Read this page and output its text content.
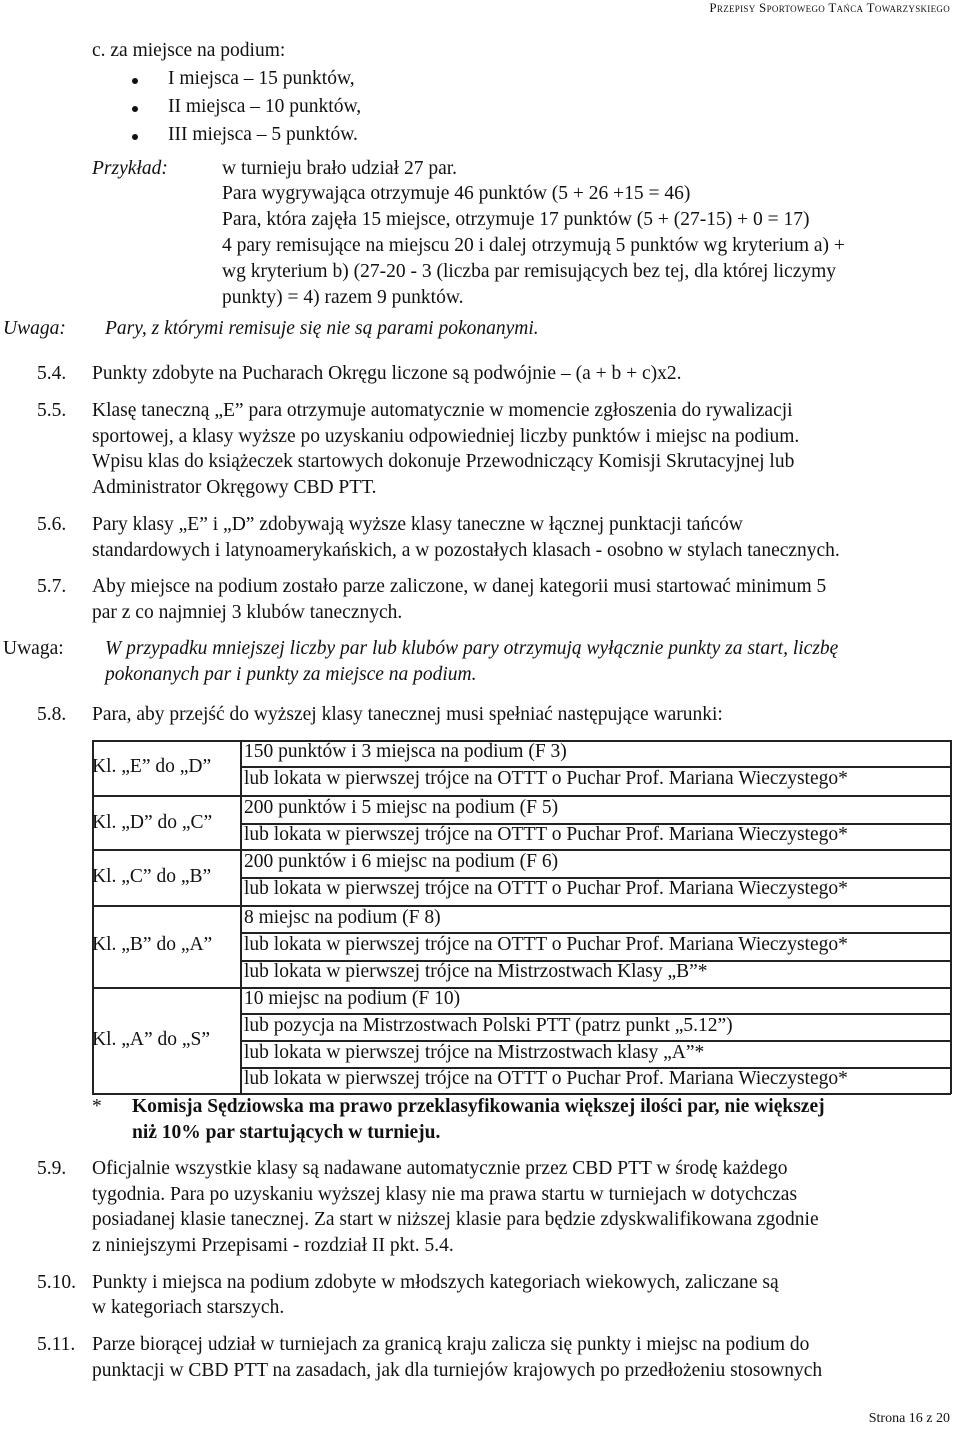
Przepisy Sportowego Tańca Towarzyskiego
c. za miejsce na podium:
I miejsca – 15 punktów,
II miejsca – 10 punktów,
III miejsca – 5 punktów.
Przykład:	w turnieju brało udział 27 par.
Para wygrywająca otrzymuje 46 punktów (5 + 26 +15 = 46)
Para, która zajęła 15 miejsce, otrzymuje 17 punktów (5 + (27-15) + 0 = 17)
4 pary remisujące na miejscu 20 i dalej otrzymują 5 punktów wg kryterium a) +
wg kryterium b) (27-20 - 3 (liczba par remisujących bez tej, dla której liczymy
punkty) = 4) razem 9 punktów.
Uwaga: Pary, z którymi remisuje się nie są parami pokonanymi.
5.4. Punkty zdobyte na Pucharach Okręgu liczone są podwójnie – (a + b + c)x2.
5.5. Klasę taneczną „E” para otrzymuje automatycznie w momencie zgłoszenia do rywalizacji
sportowej, a klasy wyższe po uzyskaniu odpowiedniej liczby punktów i miejsc na podium.
Wpisu klas do książeczek startowych dokonuje Przewodniczący Komisji Skrutacyjnej lub
Administrator Okręgowy CBD PTT.
5.6. Pary klasy „E” i „D” zdobywają wyższe klasy taneczne w łącznej punktacji tańców
standardowych i latynoamerykańskich, a w pozostałych klasach - osobno w stylach tanecznych.
5.7. Aby miejsce na podium zostało parze zaliczone, w danej kategorii musi startować minimum 5
par z co najmniej 3 klubów tanecznych.
Uwaga: W przypadku mniejszej liczby par lub klubów pary otrzymują wyłącznie punkty za start, liczbę
pokonanych par i punkty za miejsce na podium.
5.8. Para, aby przejść do wyższej klasy tanecznej musi spełniać następujące warunki:
Kl. „E” do „D”
150 punktów i 3 miejsca na podium (F 3)
lub lokata w pierwszej trójce na OTTT o Puchar Prof. Mariana Wieczystego*
Kl. „D” do „C”
200 punktów i 5 miejsc na podium (F 5)
lub lokata w pierwszej trójce na OTTT o Puchar Prof. Mariana Wieczystego*
Kl. „C” do „B”
200 punktów i 6 miejsc na podium (F 6)
lub lokata w pierwszej trójce na OTTT o Puchar Prof. Mariana Wieczystego*
Kl. „B” do „A”
8 miejsc na podium (F 8)
lub lokata w pierwszej trójce na OTTT o Puchar Prof. Mariana Wieczystego*
lub lokata w pierwszej trójce na Mistrzostwach Klasy „B”*
Kl. „A” do „S”
10 miejsc na podium (F 10)
lub pozycja na Mistrzostwach Polski PTT (patrz punkt „5.12”)
lub lokata w pierwszej trójce na Mistrzostwach klasy „A”*
lub lokata w pierwszej trójce na OTTT o Puchar Prof. Mariana Wieczystego*
* Komisja Sędziowska ma prawo przeklasyfikowania większej ilości par, nie większej
niż 10% par startujących w turnieju.
5.9. Oficjalnie wszystkie klasy są nadawane automatycznie przez CBD PTT w środę każdego
tygodnia. Para po uzyskaniu wyższej klasy nie ma prawa startu w turniejach w dotychczas
posiadanej klasie tanecznej. Za start w niższej klasie para będzie zdyskwalifikowana zgodnie
z niniejszymi Przepisami - rozdział II pkt. 5.4.
5.10. Punkty i miejsca na podium zdobyte w młodszych kategoriach wiekowych, zaliczane są
w kategoriach starszych.
5.11. Parze biorącej udział w turniejach za granicą kraju zalicza się punkty i miejsc na podium do
punktacji w CBD PTT na zasadach, jak dla turniejów krajowych po przedłożeniu stosownych
Strona 16 z 20
